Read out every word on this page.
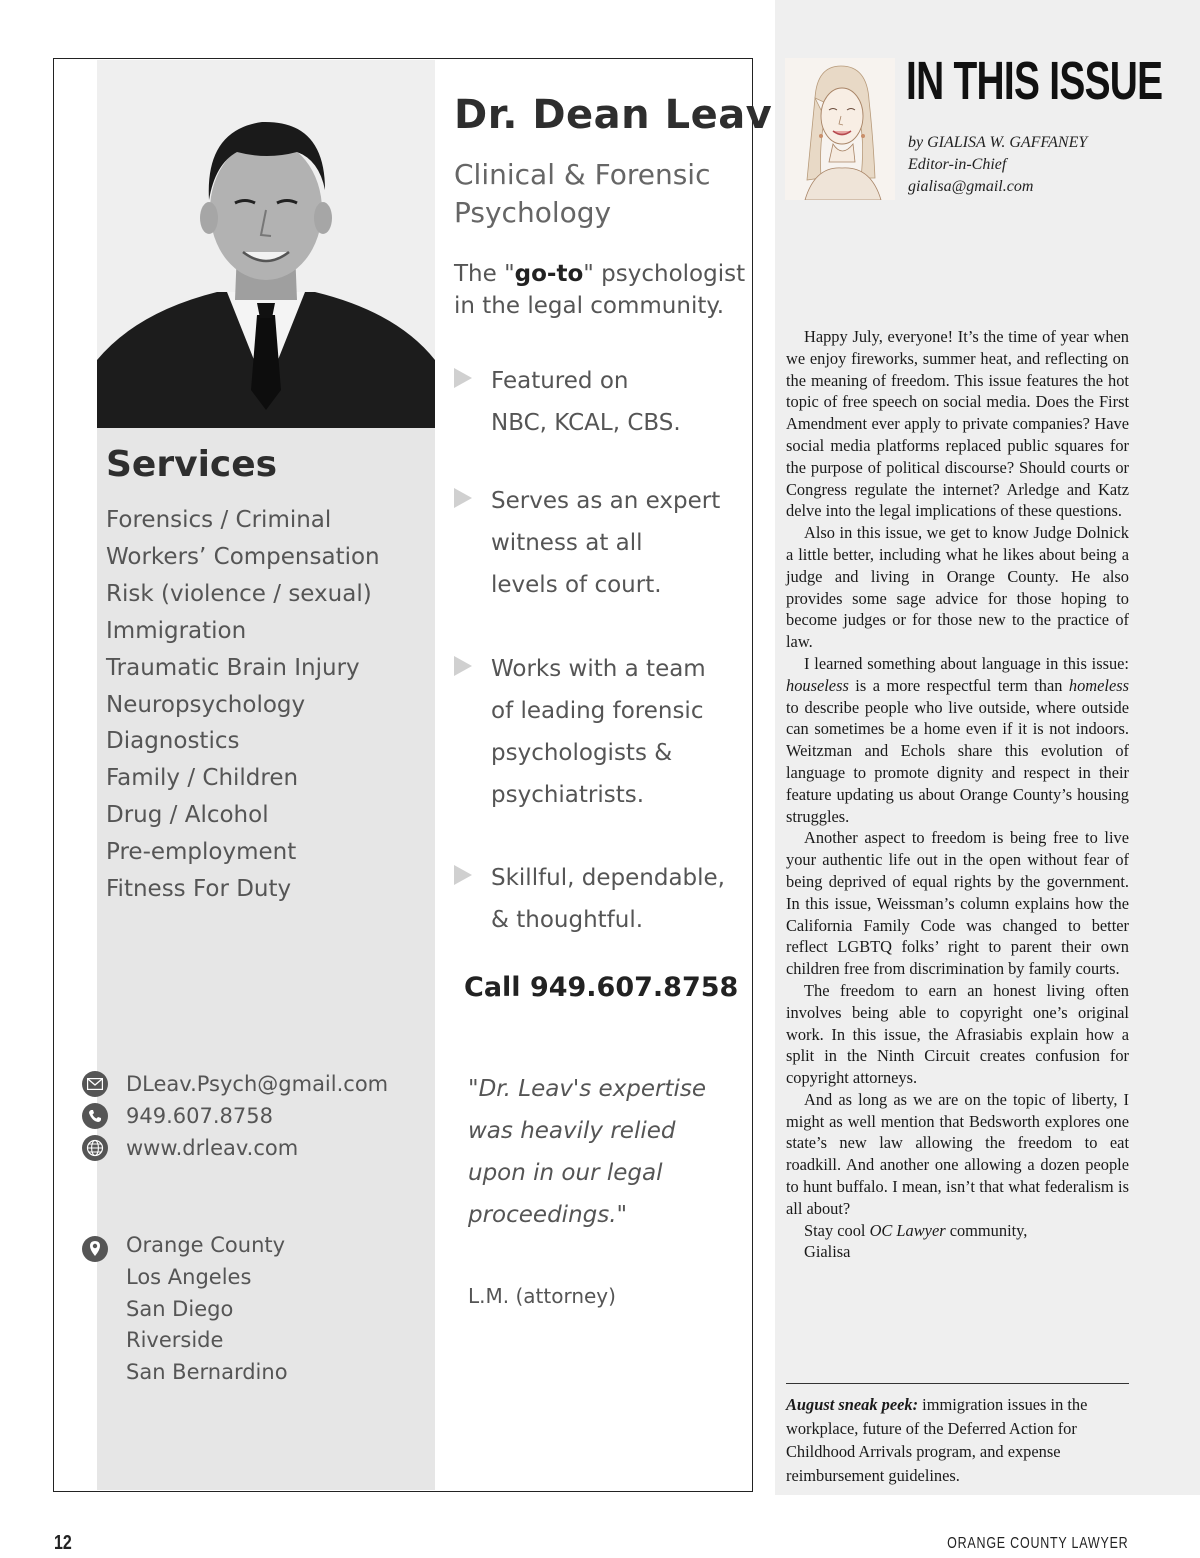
IN THIS ISSUE
by GIALISA W. GAFFANEY
Editor-in-Chief
gialisa@gmail.com

Happy July, everyone! It’s the time of year when we enjoy fireworks, summer heat, and reflecting on the meaning of freedom. This issue features the hot topic of free speech on social media. Does the First Amendment ever apply to private companies? Have social media platforms replaced public squares for the purpose of political discourse? Should courts or Congress regulate the internet? Arledge and Katz delve into the legal implications of these questions.

Also in this issue, we get to know Judge Dolnick a little better, including what he likes about being a judge and living in Orange County. He also provides some sage advice for those hoping to become judges or for those new to the practice of law.

I learned something about language in this issue: houseless is a more respectful term than homeless to describe people who live outside, where outside can sometimes be a home even if it is not indoors. Weitzman and Echols share this evolution of language to promote dignity and respect in their feature updating us about Orange County’s housing struggles.

Another aspect to freedom is being free to live your authentic life out in the open without fear of being deprived of equal rights by the government. In this issue, Weissman’s column explains how the California Family Code was changed to better reflect LGBTQ folks’ right to parent their own children free from discrimination by family courts.

The freedom to earn an honest living often involves being able to copyright one’s original work. In this issue, the Afrasiabis explain how a split in the Ninth Circuit creates confusion for copyright attorneys.

And as long as we are on the topic of liberty, I might as well mention that Bedsworth explores one state’s new law allowing the freedom to eat roadkill. And another one allowing a dozen people to hunt buffalo. I mean, isn’t that what federalism is all about?

Stay cool OC Lawyer community,

Gialisa

August sneak peek: immigration issues in the workplace, future of the Deferred Action for Childhood Arrivals program, and expense reimbursement guidelines.
Dr. Dean Leav
Clinical & Forensic Psychology
The "go-to" psychologist in the legal community.
Featured on
NBC, KCAL, CBS.
Serves as an expert
witness at all
levels of court.
Works with a team
of leading forensic
psychologists &
psychiatrists.
Skillful, dependable,
& thoughtful.
Call 949.607.8758
"Dr. Leav's expertise
was heavily relied
upon in our legal
proceedings."
L.M. (attorney)
Services
Forensics / Criminal
Workers’ Compensation
Risk (violence / sexual)
Immigration
Traumatic Brain Injury
Neuropsychology
Diagnostics
Family / Children
Drug / Alcohol
Pre-employment
Fitness For Duty
DLeav.Psych@gmail.com
949.607.8758
www.drleav.com
Orange County
Los Angeles
San Diego
Riverside
San Bernardino
12	ORANGE COUNTY LAWYER
